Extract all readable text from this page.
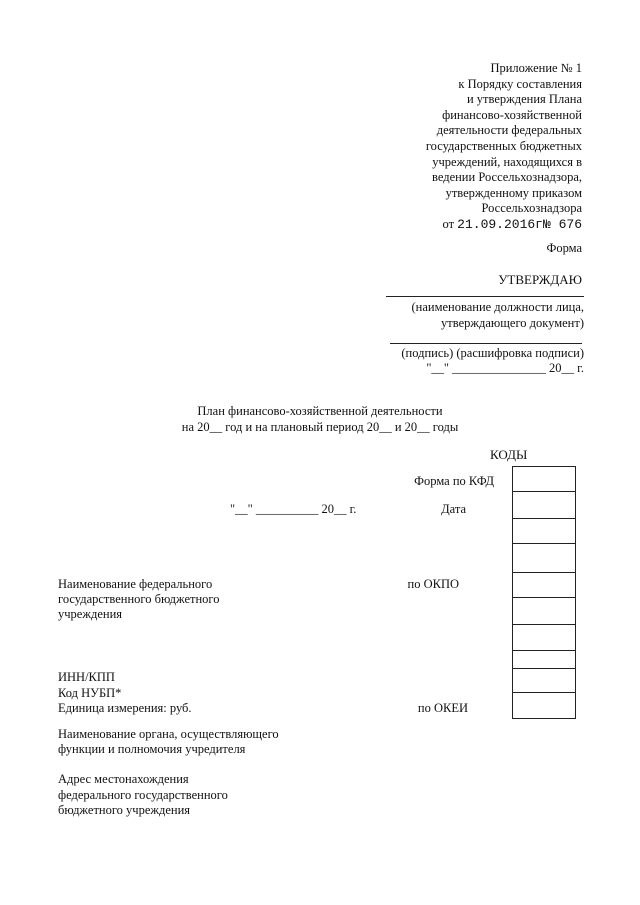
Приложение № 1
к Порядку составления
и утверждения Плана
финансово-хозяйственной
деятельности федеральных
государственных бюджетных
учреждений, находящихся в
ведении Россельхознадзора,
утвержденному приказом
Россельхознадзора
от 21.09.2016г№ 676
Форма
УТВЕРЖДАЮ
(наименование должности лица,
утверждающего документ)
(подпись) (расшифровка подписи)
"__" _______________ 20__ г.
План финансово-хозяйственной деятельности
на 20__ год и на плановый период 20__ и 20__ годы
КОДЫ
Форма по КФД
"__" __________ 20__ г.	Дата
Наименование федерального
государственного бюджетного
учреждения
по ОКПО
ИНН/КПП
Код НУБП*
Единица измерения: руб.	по ОКЕИ
Наименование органа, осуществляющего
функции и полномочия учредителя
Адрес местонахождения
федерального государственного
бюджетного учреждения
